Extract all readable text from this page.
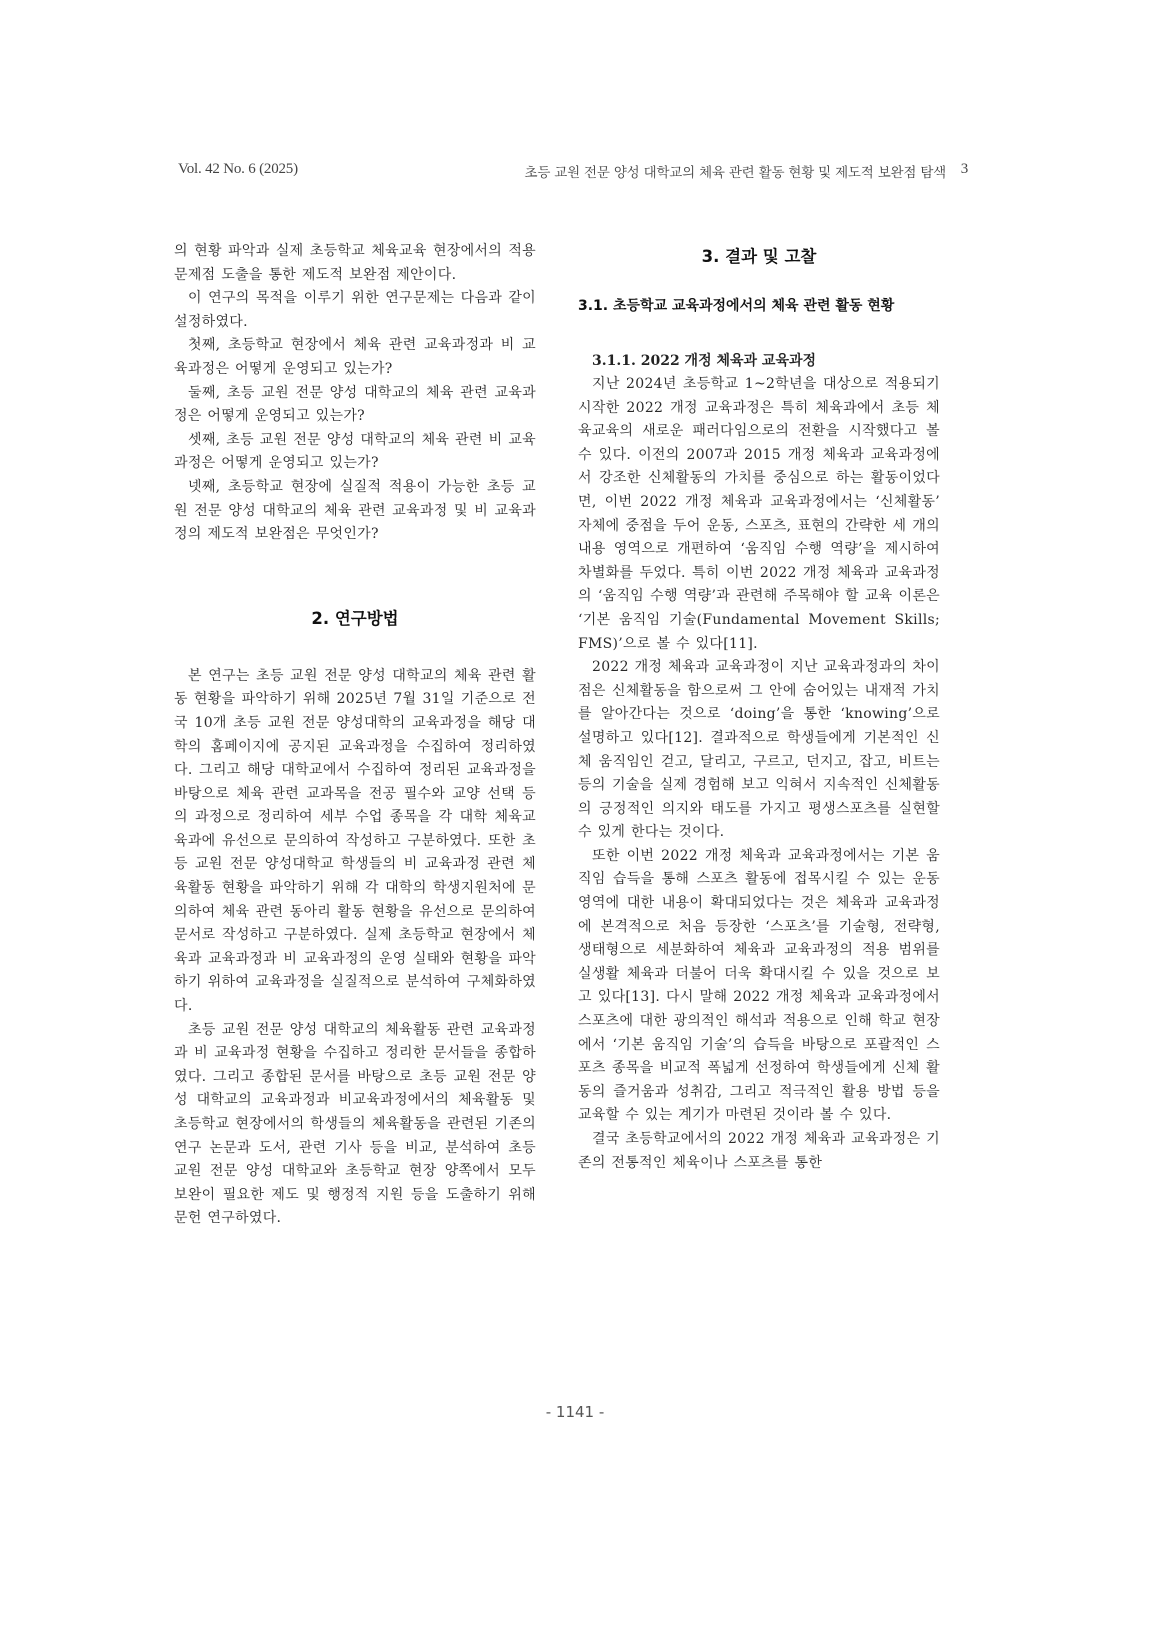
Vol. 42 No. 6 (2025)	초등 교원 전문 양성 대학교의 체육 관련 활동 현황 및 제도적 보완점 탐색 3

의 현황 파악과 실제 초등학교 체육교육 현장에서의 적용 문제점 도출을 통한 제도적 보완점 제안이다.

이 연구의 목적을 이루기 위한 연구문제는 다음과 같이 설정하였다.

첫째, 초등학교 현장에서 체육 관련 교육과정과 비 교육과정은 어떻게 운영되고 있는가?

둘째, 초등 교원 전문 양성 대학교의 체육 관련 교육과정은 어떻게 운영되고 있는가?

셋째, 초등 교원 전문 양성 대학교의 체육 관련 비 교육과정은 어떻게 운영되고 있는가?

넷째, 초등학교 현장에 실질적 적용이 가능한 초등 교원 전문 양성 대학교의 체육 관련 교육과정 및 비 교육과정의 제도적 보완점은 무엇인가?

2. 연구방법

본 연구는 초등 교원 전문 양성 대학교의 체육 관련 활동 현황을 파악하기 위해 2025년 7월 31일 기준으로 전국 10개 초등 교원 전문 양성대학의 교육과정을 해당 대학의 홈페이지에 공지된 교육과정을 수집하여 정리하였다. 그리고 해당 대학교에서 수집하여 정리된 교육과정을 바탕으로 체육 관련 교과목을 전공 필수와 교양 선택 등의 과정으로 정리하여 세부 수업 종목을 각 대학 체육교육과에 유선으로 문의하여 작성하고 구분하였다. 또한 초등 교원 전문 양성대학교 학생들의 비 교육과정 관련 체육활동 현황을 파악하기 위해 각 대학의 학생지원처에 문의하여 체육 관련 동아리 활동 현황을 유선으로 문의하여 문서로 작성하고 구분하였다. 실제 초등학교 현장에서 체육과 교육과정과 비 교육과정의 운영 실태와 현황을 파악하기 위하여 교육과정을 실질적으로 분석하여 구체화하였다.

초등 교원 전문 양성 대학교의 체육활동 관련 교육과정과 비 교육과정 현황을 수집하고 정리한 문서들을 종합하였다. 그리고 종합된 문서를 바탕으로 초등 교원 전문 양성 대학교의 교육과정과 비교육과정에서의 체육활동 및 초등학교 현장에서의 학생들의 체육활동을 관련된 기존의 연구 논문과 도서, 관련 기사 등을 비교, 분석하여 초등 교원 전문 양성 대학교와 초등학교 현장 양쪽에서 모두 보완이 필요한 제도 및 행정적 지원 등을 도출하기 위해 문헌 연구하였다.

3. 결과 및 고찰
3.1. 초등학교 교육과정에서의 체육 관련 활동 현황
3.1.1. 2022 개정 체육과 교육과정

지난 2024년 초등학교 1~2학년을 대상으로 적용되기 시작한 2022 개정 교육과정은 특히 체육과에서 초등 체육교육의 새로운 패러다임으로의 전환을 시작했다고 볼 수 있다. 이전의 2007과 2015 개정 체육과 교육과정에서 강조한 신체활동의 가치를 중심으로 하는 활동이었다면, 이번 2022 개정 체육과 교육과정에서는 ‘신체활동’ 자체에 중점을 두어 운동, 스포츠, 표현의 간략한 세 개의 내용 영역으로 개편하여 ‘움직임 수행 역량’을 제시하여 차별화를 두었다. 특히 이번 2022 개정 체육과 교육과정의 ‘움직임 수행 역량’과 관련해 주목해야 할 교육 이론은 ‘기본 움직임 기술(Fundamental Movement Skills; FMS)’으로 볼 수 있다[11].

2022 개정 체육과 교육과정이 지난 교육과정과의 차이점은 신체활동을 함으로써 그 안에 숨어있는 내재적 가치를 알아간다는 것으로 ‘doing’을 통한 ‘knowing’으로 설명하고 있다[12]. 결과적으로 학생들에게 기본적인 신체 움직임인 걷고, 달리고, 구르고, 던지고, 잡고, 비트는 등의 기술을 실제 경험해 보고 익혀서 지속적인 신체활동의 긍정적인 의지와 태도를 가지고 평생스포츠를 실현할 수 있게 한다는 것이다.

또한 이번 2022 개정 체육과 교육과정에서는 기본 움직임 습득을 통해 스포츠 활동에 접목시킬 수 있는 운동 영역에 대한 내용이 확대되었다는 것은 체육과 교육과정에 본격적으로 처음 등장한 ‘스포츠’를 기술형, 전략형, 생태형으로 세분화하여 체육과 교육과정의 적용 범위를 실생활 체육과 더불어 더욱 확대시킬 수 있을 것으로 보고 있다[13]. 다시 말해 2022 개정 체육과 교육과정에서 스포츠에 대한 광의적인 해석과 적용으로 인해 학교 현장에서 ‘기본 움직임 기술’의 습득을 바탕으로 포괄적인 스포츠 종목을 비교적 폭넓게 선정하여 학생들에게 신체 활동의 즐거움과 성취감, 그리고 적극적인 활용 방법 등을 교육할 수 있는 계기가 마련된 것이라 볼 수 있다.

결국 초등학교에서의 2022 개정 체육과 교육과정은 기존의 전통적인 체육이나 스포츠를 통한

- 1141 -
